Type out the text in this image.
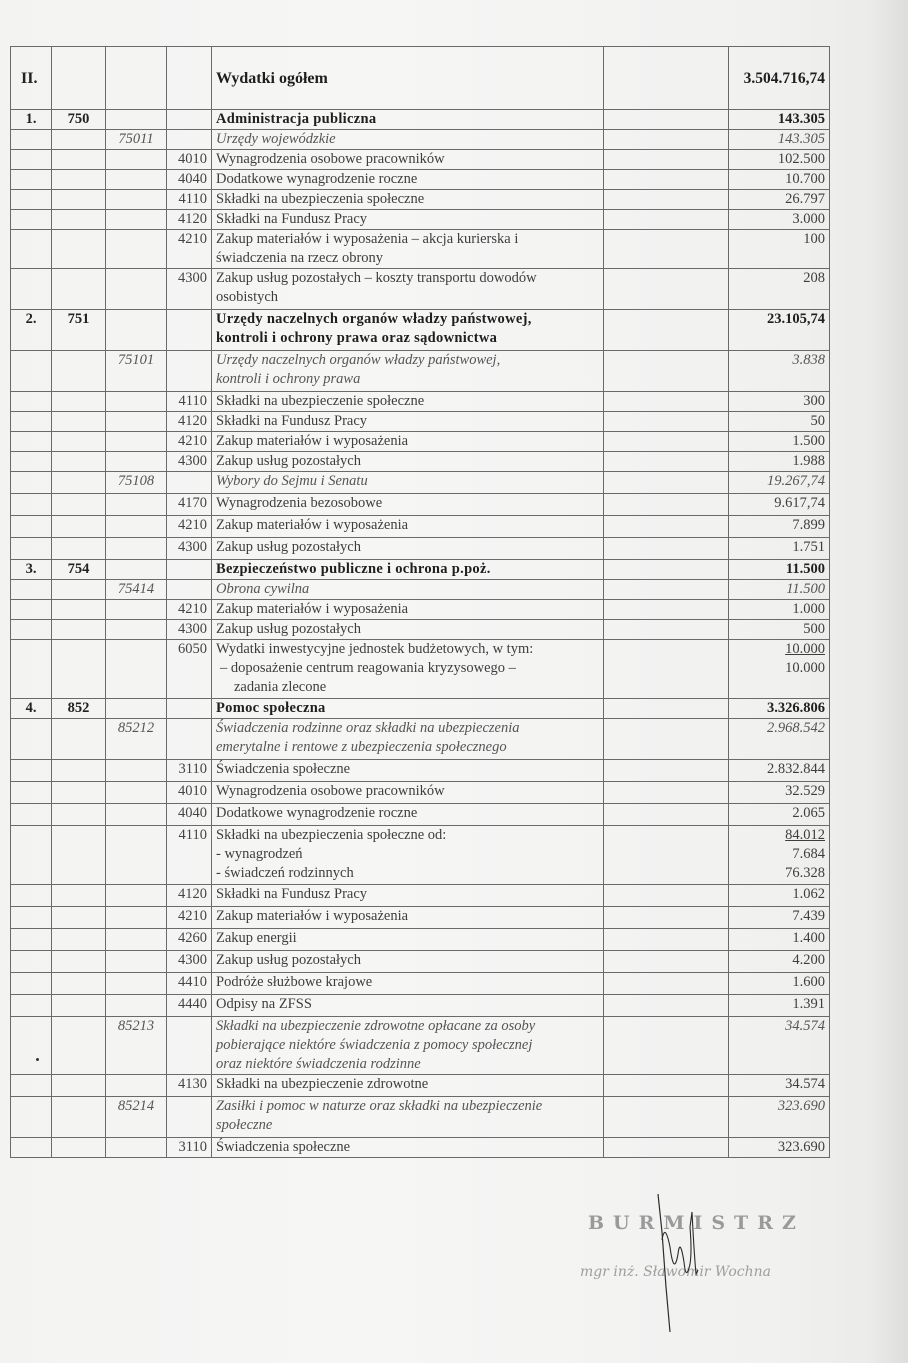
II.				Wydatki ogółem		3.504.716,74
1.	750			Administracja publiczna		143.305

		75011		Urzędy wojewódzkie		143.305

			4010	Wynagrodzenia osobowe pracowników		102.500

			4040	Dodatkowe wynagrodzenie roczne		10.700

			4110	Składki na ubezpieczenia społeczne		26.797

			4120	Składki na Fundusz Pracy		3.000

			4210	Zakup materiałów i wyposażenia – akcja kurierska i
świadczenia na rzecz obrony		100

			4300	Zakup usług pozostałych – koszty transportu dowodów
osobistych		208

2.	751			Urzędy naczelnych organów władzy państwowej,
kontroli i ochrony prawa oraz sądownictwa		23.105,74

		75101		Urzędy naczelnych organów władzy państwowej,
kontroli i ochrony prawa		3.838

			4110	Składki na ubezpieczenie społeczne		300

			4120	Składki na Fundusz Pracy		50

			4210	Zakup materiałów i wyposażenia		1.500

			4300	Zakup usług pozostałych		1.988

		75108		Wybory do Sejmu i Senatu		19.267,74

			4170	Wynagrodzenia bezosobowe		9.617,74

			4210	Zakup materiałów i wyposażenia		7.899

			4300	Zakup usług pozostałych		1.751

3.	754			Bezpieczeństwo publiczne i ochrona p.poż.		11.500

		75414		Obrona cywilna		11.500

			4210	Zakup materiałów i wyposażenia		1.000

			4300	Zakup usług pozostałych		500

			6050	Wydatki inwestycyjne jednostek budżetowych, w tym:
– doposażenie centrum reagowania kryzysowego –
zadania zlecone		10.000
10.000

4.	852			Pomoc społeczna		3.326.806

		85212		Świadczenia rodzinne oraz składki na ubezpieczenia
emerytalne i rentowe z ubezpieczenia społecznego		2.968.542

			3110	Świadczenia społeczne		2.832.844

			4010	Wynagrodzenia osobowe pracowników		32.529

			4040	Dodatkowe wynagrodzenie roczne		2.065

			4110	Składki na ubezpieczenia społeczne od:
- wynagrodzeń
- świadczeń rodzinnych		84.012
7.684
76.328

			4120	Składki na Fundusz Pracy		1.062

			4210	Zakup materiałów i wyposażenia		7.439

			4260	Zakup energii		1.400

			4300	Zakup usług pozostałych		4.200

			4410	Podróże służbowe krajowe		1.600

			4440	Odpisy na ZFSS		1.391

		85213		Składki na ubezpieczenie zdrowotne opłacane za osoby
pobierające niektóre świadczenia z pomocy społecznej
oraz niektóre świadczenia rodzinne		34.574

			4130	Składki na ubezpieczenie zdrowotne		34.574

		85214		Zasiłki i pomoc w naturze oraz składki na ubezpieczenie
społeczne		323.690

			3110	Świadczenia społeczne		323.690
BURMISTRZ
mgr inż. Sławomir Wochna
